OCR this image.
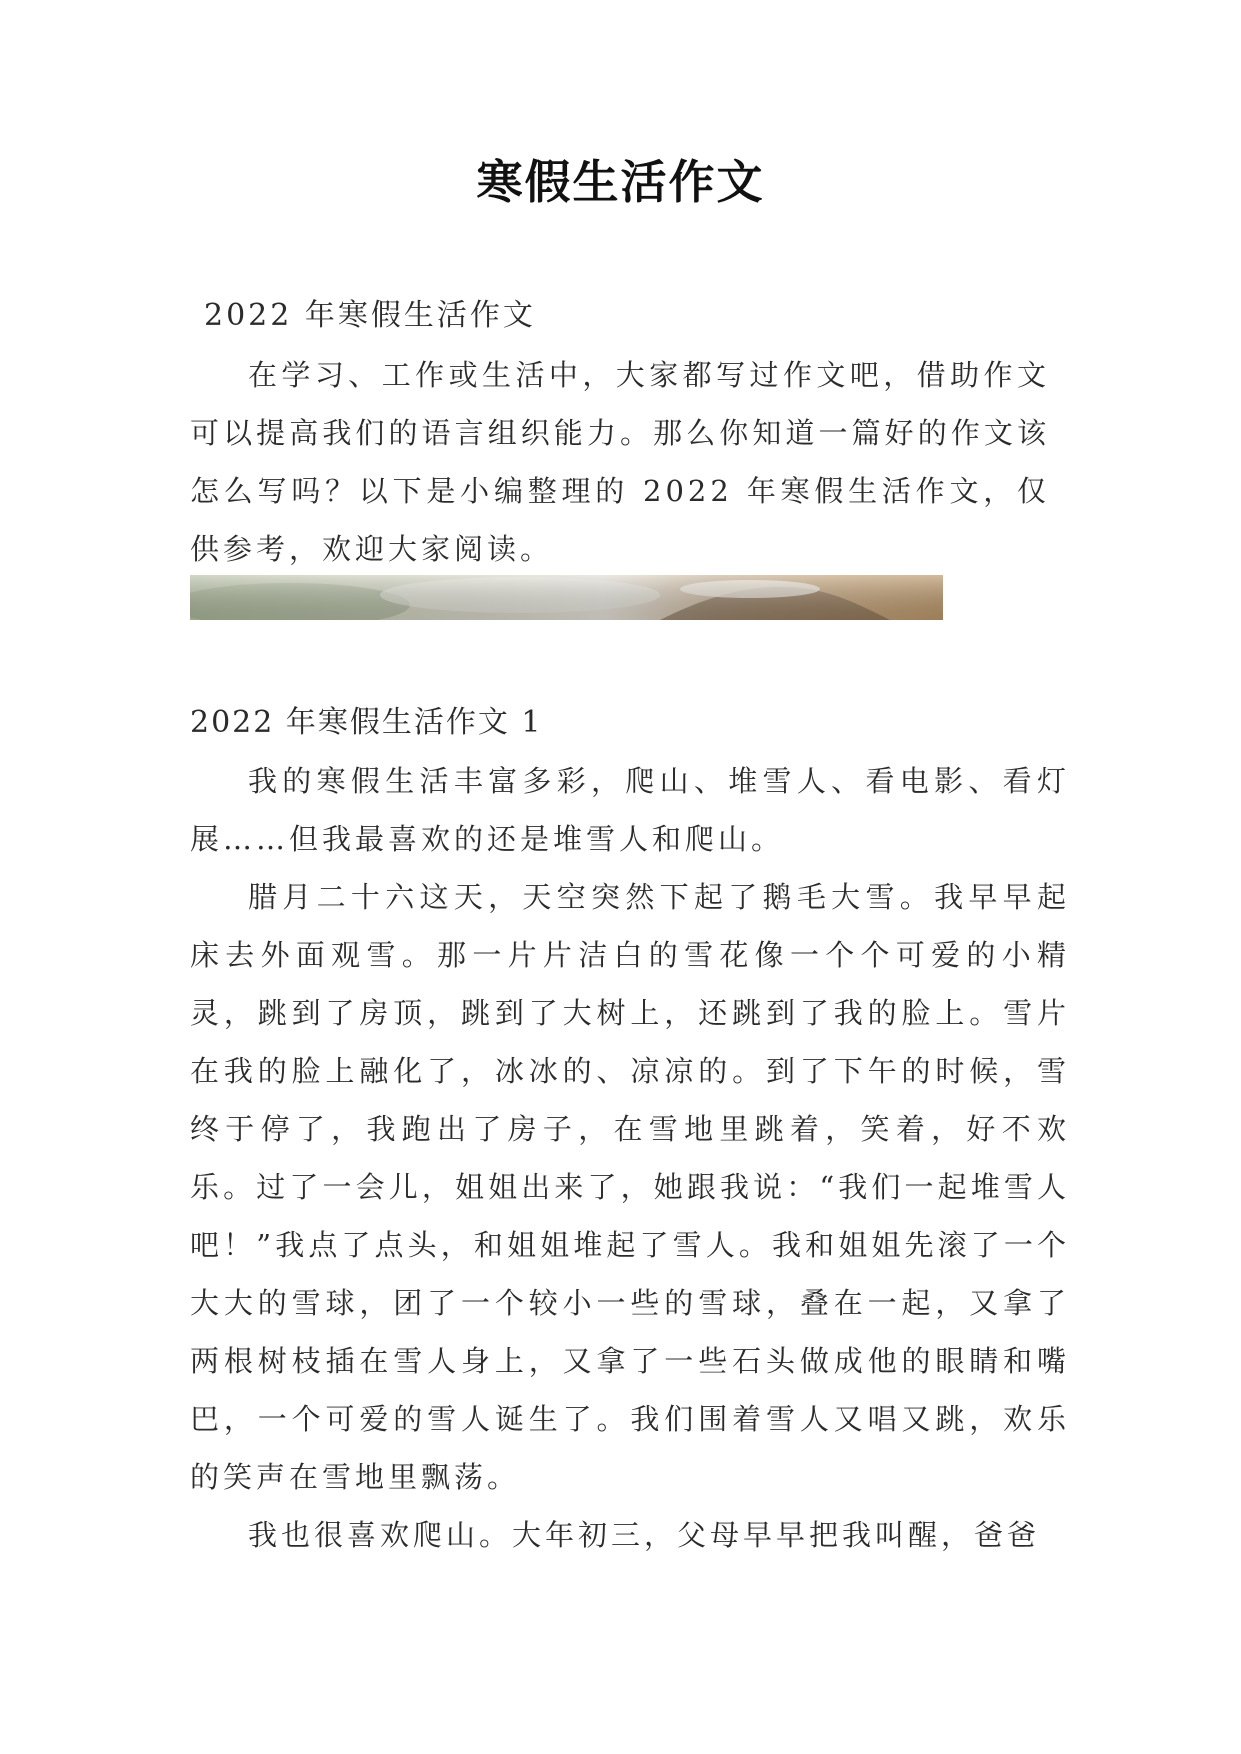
寒假生活作文

2022 年寒假生活作文

在学习、工作或生活中，大家都写过作文吧，借助作文可以提高我们的语言组织能力。那么你知道一篇好的作文该怎么写吗？以下是小编整理的 2022 年寒假生活作文，仅供参考，欢迎大家阅读。

2022 年寒假生活作文 1

我的寒假生活丰富多彩，爬山、堆雪人、看电影、看灯展……但我最喜欢的还是堆雪人和爬山。

腊月二十六这天，天空突然下起了鹅毛大雪。我早早起床去外面观雪。那一片片洁白的雪花像一个个可爱的小精灵，跳到了房顶，跳到了大树上，还跳到了我的脸上。雪片在我的脸上融化了，冰冰的、凉凉的。到了下午的时候，雪终于停了，我跑出了房子，在雪地里跳着，笑着，好不欢乐。过了一会儿，姐姐出来了，她跟我说：“我们一起堆雪人吧！”我点了点头，和姐姐堆起了雪人。我和姐姐先滚了一个大大的雪球，团了一个较小一些的雪球，叠在一起，又拿了两根树枝插在雪人身上，又拿了一些石头做成他的眼睛和嘴巴，一个可爱的雪人诞生了。我们围着雪人又唱又跳，欢乐的笑声在雪地里飘荡。

我也很喜欢爬山。大年初三，父母早早把我叫醒，爸爸
